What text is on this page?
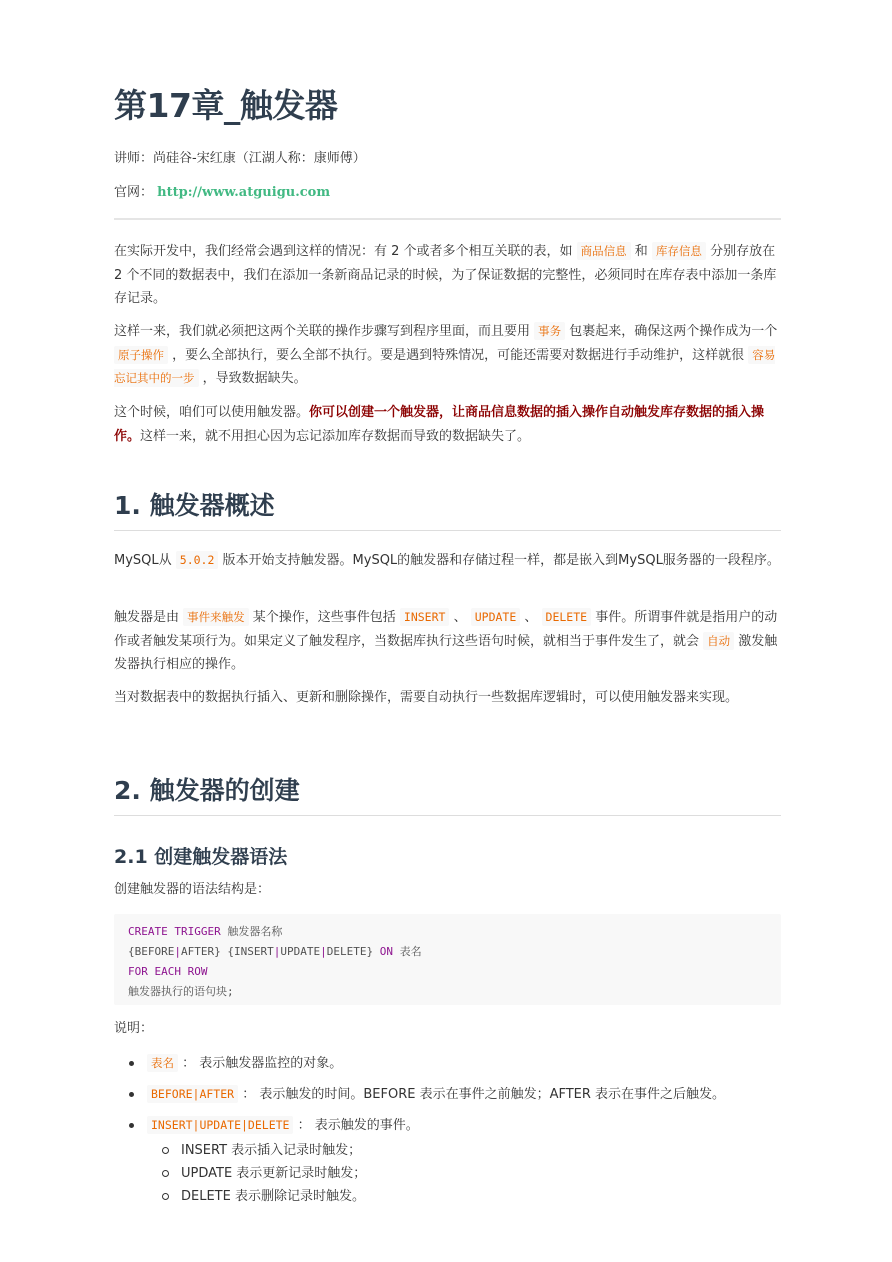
第17章_触发器
讲师：尚硅谷-宋红康（江湖人称：康师傅）
官网： http://www.atguigu.com

在实际开发中，我们经常会遇到这样的情况：有 2 个或者多个相互关联的表，如 商品信息 和 库存信息 分别存放在 2 个不同的数据表中，我们在添加一条新商品记录的时候，为了保证数据的完整性，必须同时在库存表中添加一条库存记录。

这样一来，我们就必须把这两个关联的操作步骤写到程序里面，而且要用 事务 包裹起来，确保这两个操作成为一个 原子操作 ，要么全部执行，要么全部不执行。要是遇到特殊情况，可能还需要对数据进行手动维护，这样就很 容易忘记其中的一步 ，导致数据缺失。

这个时候，咱们可以使用触发器。你可以创建一个触发器，让商品信息数据的插入操作自动触发库存数据的插入操作。这样一来，就不用担心因为忘记添加库存数据而导致的数据缺失了。

1. 触发器概述

MySQL从 5.0.2 版本开始支持触发器。MySQL的触发器和存储过程一样，都是嵌入到MySQL服务器的一段程序。

触发器是由 事件来触发 某个操作，这些事件包括 INSERT 、 UPDATE 、 DELETE 事件。所谓事件就是指用户的动作或者触发某项行为。如果定义了触发程序，当数据库执行这些语句时候，就相当于事件发生了，就会 自动 激发触发器执行相应的操作。

当对数据表中的数据执行插入、更新和删除操作，需要自动执行一些数据库逻辑时，可以使用触发器来实现。

2. 触发器的创建
2.1 创建触发器语法

创建触发器的语法结构是：

CREATE TRIGGER 触发器名称
{BEFORE|AFTER} {INSERT|UPDATE|DELETE} ON 表名
FOR EACH ROW
触发器执行的语句块;

说明：

表名 ： 表示触发器监控的对象。
BEFORE|AFTER ： 表示触发的时间。BEFORE 表示在事件之前触发；AFTER 表示在事件之后触发。
INSERT|UPDATE|DELETE ： 表示触发的事件。
INSERT 表示插入记录时触发；
UPDATE 表示更新记录时触发；
DELETE 表示删除记录时触发。
